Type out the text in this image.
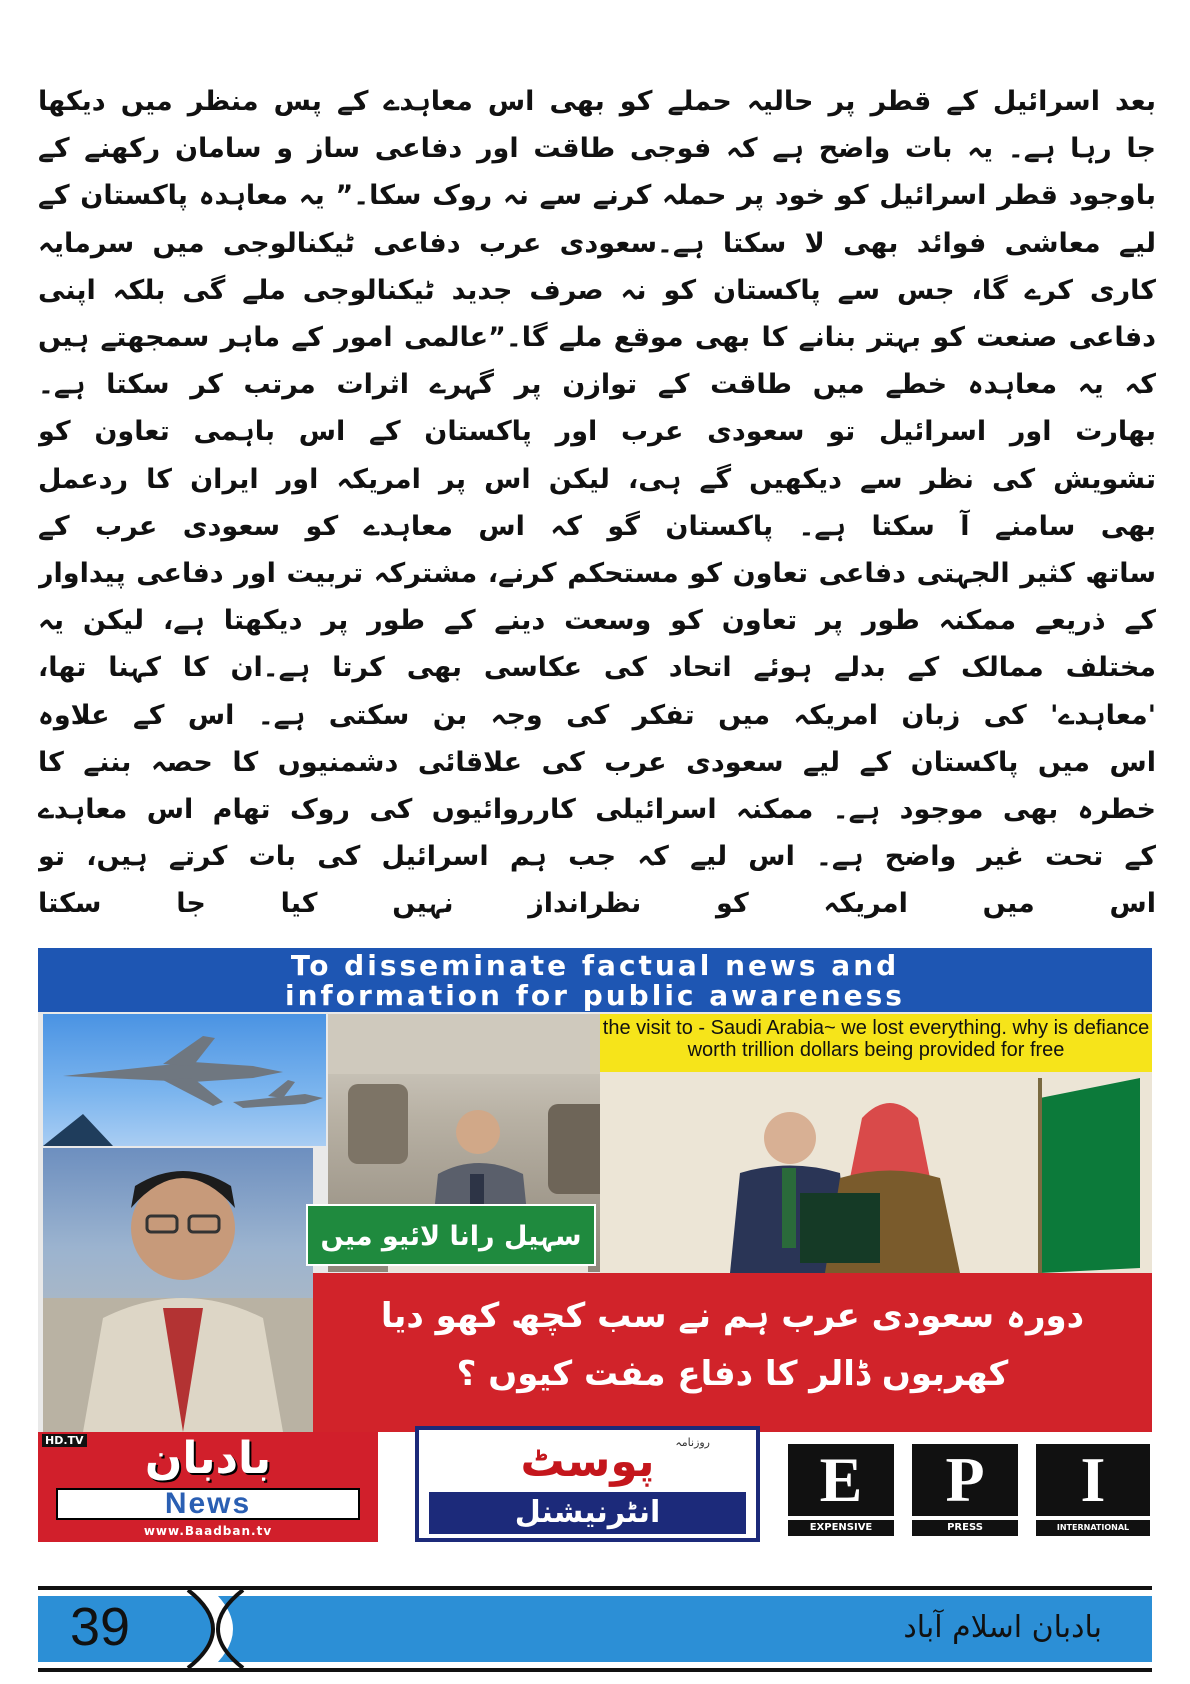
بعد اسرائیل کے قطر پر حالیہ حملے کو بھی اس معاہدے کے پس منظر میں دیکھا

جا رہا ہے۔ یہ بات واضح ہے کہ فوجی طاقت اور دفاعی ساز و سامان رکھنے کے

باوجود قطر اسرائیل کو خود پر حملہ کرنے سے نہ روک سکا۔” یہ معاہدہ پاکستان کے

لیے معاشی فوائد بھی لا سکتا ہے۔سعودی عرب دفاعی ٹیکنالوجی میں سرمایہ

کاری کرے گا، جس سے پاکستان کو نہ صرف جدید ٹیکنالوجی ملے گی بلکہ اپنی

دفاعی صنعت کو بہتر بنانے کا بھی موقع ملے گا۔”عالمی امور کے ماہر سمجھتے ہیں

کہ یہ معاہدہ خطے میں طاقت کے توازن پر گہرے اثرات مرتب کر سکتا ہے۔

بھارت اور اسرائیل تو سعودی عرب اور پاکستان کے اس باہمی تعاون کو

تشویش کی نظر سے دیکھیں گے ہی، لیکن اس پر امریکہ اور ایران کا ردعمل

بھی سامنے آ سکتا ہے۔ پاکستان گو کہ اس معاہدے کو سعودی عرب کے

ساتھ کثیر الجہتی دفاعی تعاون کو مستحکم کرنے، مشترکہ تربیت اور دفاعی پیداوار

کے ذریعے ممکنہ طور پر تعاون کو وسعت دینے کے طور پر دیکھتا ہے، لیکن یہ

مختلف ممالک کے بدلے ہوئے اتحاد کی عکاسی بھی کرتا ہے۔ان کا کہنا تھا،

'معاہدے' کی زبان امریکہ میں تفکر کی وجہ بن سکتی ہے۔ اس کے علاوہ

اس میں پاکستان کے لیے سعودی عرب کی علاقائی دشمنیوں کا حصہ بننے کا

خطرہ بھی موجود ہے۔ ممکنہ اسرائیلی کارروائیوں کی روک تھام اس معاہدے

کے تحت غیر واضح ہے۔ اس لیے کہ جب ہم اسرائیل کی بات کرتے ہیں، تو

اس میں امریکہ کو نظرانداز نہیں کیا جا سکتا

To disseminate factual news and
information for public awareness
the visit to - Saudi Arabia~ we lost everything. why is defiance worth trillion dollars being provided for free
سہیل رانا لائیو میں
دورہ سعودی عرب ہم نے سب کچھ کھو دیا
کھربوں ڈالر کا دفاع مفت کیوں ؟
HD.TV	بادبان
News
www.Baadban.tv
روزنامہ
پوسٹ
انٹرنیشنل	E	P	I
EXPENSIVE	PRESS	INTERNATIONAL
39	بادبان اسلام آباد
